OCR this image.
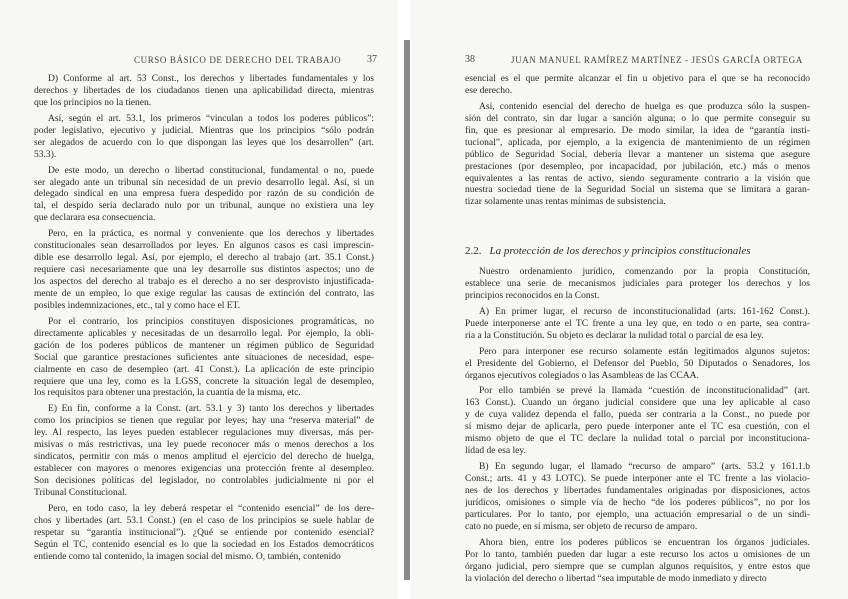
CURSO BÁSICO DE DERECHO DEL TRABAJO	37
D) Conforme al art. 53 Const., los derechos y libertades fundamentales y los
derechos y libertades de los ciudadanos tienen una aplicabilidad directa, mientras
que los principios no la tienen.
Así, según el art. 53.1, los primeros “vinculan a todos los poderes públicos”:
poder legislativo, ejecutivo y judicial. Mientras que los principios “sólo podrán
ser alegados de acuerdo con lo que dispongan las leyes que los desarrollen” (art.
53.3).
De este modo, un derecho o libertad constitucional, fundamental o no, puede
ser alegado ante un tribunal sin necesidad de un previo desarrollo legal. Así, si un
delegado sindical en una empresa fuera despedido por razón de su condición de
tal, el despido sería declarado nulo por un tribunal, aunque no existiera una ley
que declarara esa consecuencia.
Pero, en la práctica, es normal y conveniente que los derechos y libertades
constitucionales sean desarrollados por leyes. En algunos casos es casi imprescin-
dible ese desarrollo legal. Así, por ejemplo, el derecho al trabajo (art. 35.1 Const.)
requiere casi necesariamente que una ley desarrolle sus distintos aspectos; uno de
los aspectos del derecho al trabajo es el derecho a no ser desprovisto injustificada-
mente de un empleo, lo que exige regular las causas de extinción del contrato, las
posibles indemnizaciones, etc., tal y como hace el ET.
Por el contrario, los principios constituyen disposiciones programáticas, no
directamente aplicables y necesitadas de un desarrollo legal. Por ejemplo, la obli-
gación de los poderes públicos de mantener un régimen público de Seguridad
Social que garantice prestaciones suficientes ante situaciones de necesidad, espe-
cialmente en caso de desempleo (art. 41 Const.). La aplicación de este principio
requiere que una ley, como es la LGSS, concrete la situación legal de desempleo,
los requisitos para obtener una prestación, la cuantía de la misma, etc.
E) En fin, conforme a la Const. (art. 53.1 y 3) tanto los derechos y libertades
como los principios se tienen que regular por leyes; hay una “reserva material” de
ley. Al respecto, las leyes pueden establecer regulaciones muy diversas, más per-
misivas o más restrictivas, una ley puede reconocer más o menos derechos a los
sindicatos, permitir con más o menos amplitud el ejercicio del derecho de huelga,
establecer con mayores o menores exigencias una protección frente al desempleo.
Son decisiones políticas del legislador, no controlables judicialmente ni por el
Tribunal Constitucional.
Pero, en todo caso, la ley deberá respetar el “contenido esencial” de los dere-
chos y libertades (art. 53.1 Const.) (en el caso de los principios se suele hablar de
respetar su “garantía institucional”). ¿Qué se entiende por contenido esencial?
Según el TC, contenido esencial es lo que la sociedad en los Estados democráticos
entiende como tal contenido, la imagen social del mismo. O, también, contenido
38	JUAN MANUEL RAMÍREZ MARTÍNEZ - JESÚS GARCÍA ORTEGA
esencial es el que permite alcanzar el fin u objetivo para el que se ha reconocido
ese derecho.
Así, contenido esencial del derecho de huelga es que produzca sólo la suspen-
sión del contrato, sin dar lugar a sanción alguna; o lo que permite conseguir su
fin, que es presionar al empresario. De modo similar, la idea de “garantía insti-
tucional”, aplicada, por ejemplo, a la exigencia de mantenimiento de un régimen
público de Seguridad Social, debería llevar a mantener un sistema que asegure
prestaciones (por desempleo, por incapacidad, por jubilación, etc.) más o menos
equivalentes a las rentas de activo, siendo seguramente contrario a la visión que
nuestra sociedad tiene de la Seguridad Social un sistema que se limitara a garan-
tizar solamente unas rentas mínimas de subsistencia.
2.2. La protección de los derechos y principios constitucionales
Nuestro ordenamiento jurídico, comenzando por la propia Constitución,
establece una serie de mecanismos judiciales para proteger los derechos y los
principios reconocidos en la Const.
A) En primer lugar, el recurso de inconstitucionalidad (arts. 161-162 Const.).
Puede interponerse ante el TC frente a una ley que, en todo o en parte, sea contra-
ria a la Constitución. Su objeto es declarar la nulidad total o parcial de esa ley.
Pero para interponer ese recurso solamente están legitimados algunos sujetos:
el Presidente del Gobierno, el Defensor del Pueblo, 50 Diputados o Senadores, los
órganos ejecutivos colegiados o las Asambleas de las CCAA.
Por ello también se prevé la llamada “cuestión de inconstitucionalidad” (art.
163 Const.). Cuando un órgano judicial considere que una ley aplicable al caso
y de cuya validez dependa el fallo, pueda ser contraria a la Const., no puede por
sí mismo dejar de aplicarla, pero puede interponer ante el TC esa cuestión, con el
mismo objeto de que el TC declare la nulidad total o parcial por inconstituciona-
lidad de esa ley.
B) En segundo lugar, el llamado “recurso de amparo” (arts. 53.2 y 161.1.b
Const.; arts. 41 y 43 LOTC). Se puede interponer ante el TC frente a las violacio-
nes de los derechos y libertades fundamentales originadas por disposiciones, actos
jurídicos, omisiones o simple vía de hecho “de los poderes públicos”, no por los
particulares. Por lo tanto, por ejemplo, una actuación empresarial o de un sindi-
cato no puede, en sí misma, ser objeto de recurso de amparo.
Ahora bien, entre los poderes públicos se encuentran los órganos judiciales.
Por lo tanto, también pueden dar lugar a este recurso los actos u omisiones de un
órgano judicial, pero siempre que se cumplan algunos requisitos, y entre estos que
la violación del derecho o libertad “sea imputable de modo inmediato y directo
